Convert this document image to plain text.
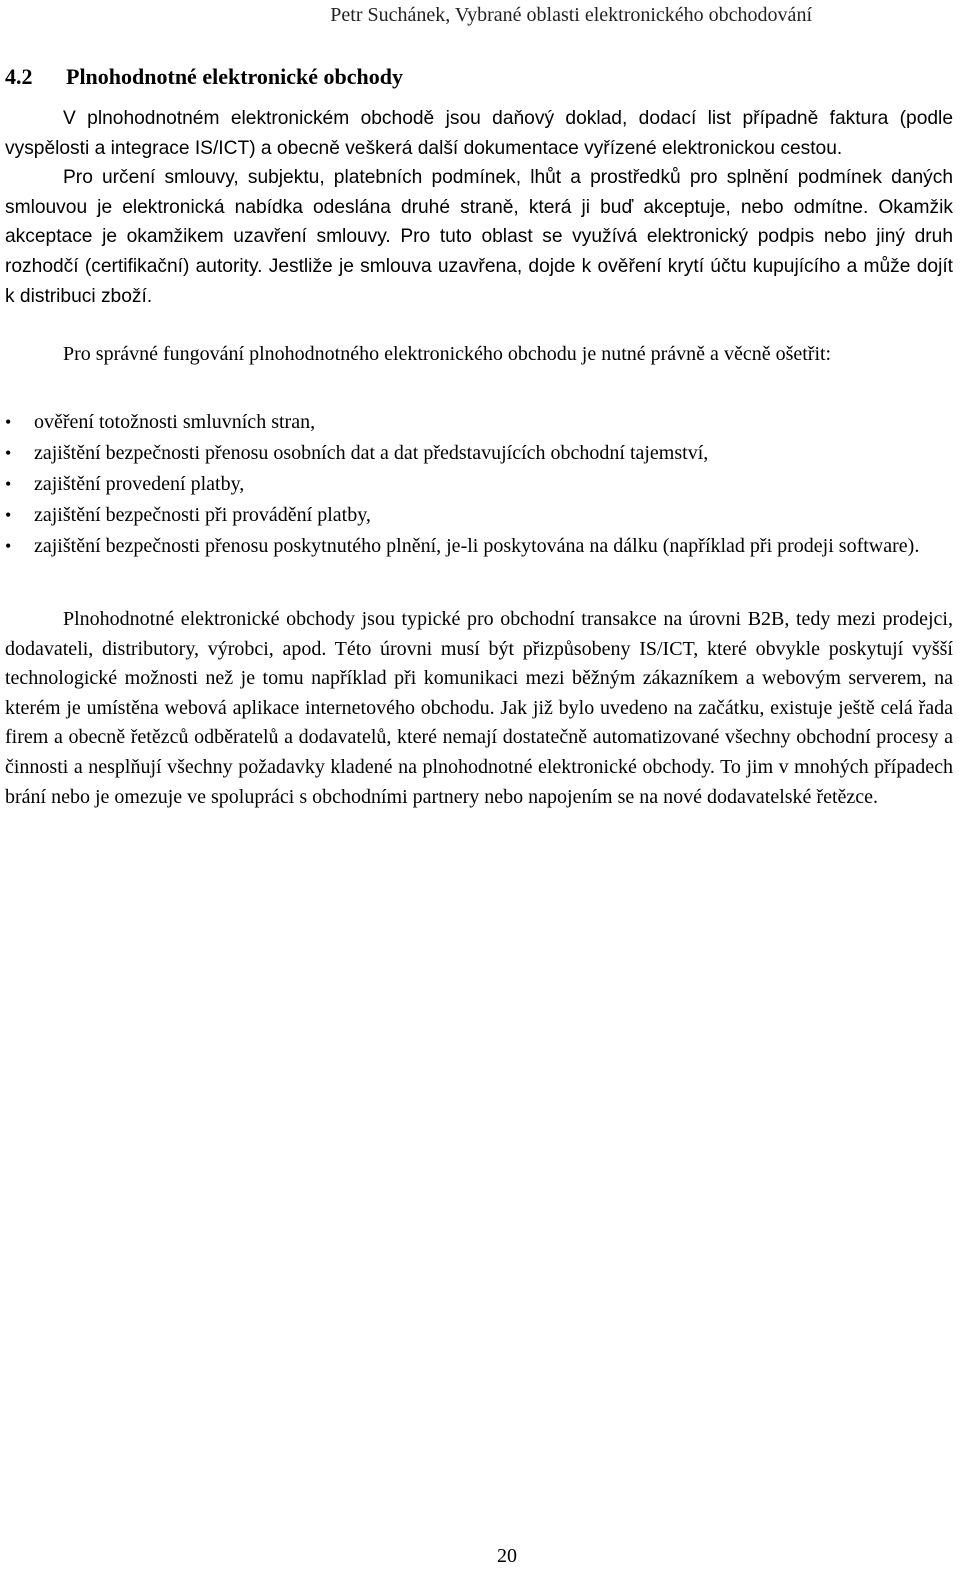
Petr Suchánek, Vybrané oblasti elektronického obchodování
4.2 Plnohodnotné elektronické obchody

V plnohodnotném elektronickém obchodě jsou daňový doklad, dodací list případně faktura (podle vyspělosti a integrace IS/ICT) a obecně veškerá další dokumentace vyřízené elektronickou cestou.

Pro určení smlouvy, subjektu, platebních podmínek, lhůt a prostředků pro splnění podmínek daných smlouvou je elektronická nabídka odeslána druhé straně, která ji buď akceptuje, nebo odmítne. Okamžik akceptace je okamžikem uzavření smlouvy. Pro tuto oblast se využívá elektronický podpis nebo jiný druh rozhodčí (certifikační) autority. Jestliže je smlouva uzavřena, dojde k ověření krytí účtu kupujícího a může dojít k distribuci zboží.

Pro správné fungování plnohodnotného elektronického obchodu je nutné právně a věcně ošetřit:

•	ověření totožnosti smluvních stran,
•	zajištění bezpečnosti přenosu osobních dat a dat představujících obchodní tajemství,
•	zajištění provedení platby,
•	zajištění bezpečnosti při provádění platby,
•	zajištění bezpečnosti přenosu poskytnutého plnění, je-li poskytována na dálku (například při prodeji software).

Plnohodnotné elektronické obchody jsou typické pro obchodní transakce na úrovni B2B, tedy mezi prodejci, dodavateli, distributory, výrobci, apod. Této úrovni musí být přizpůsobeny IS/ICT, které obvykle poskytují vyšší technologické možnosti než je tomu například při komunikaci mezi běžným zákazníkem a webovým serverem, na kterém je umístěna webová aplikace internetového obchodu. Jak již bylo uvedeno na začátku, existuje ještě celá řada firem a obecně řetězců odběratelů a dodavatelů, které nemají dostatečně automatizované všechny obchodní procesy a činnosti a nesplňují všechny požadavky kladené na plnohodnotné elektronické obchody. To jim v mnohých případech brání nebo je omezuje ve spolupráci s obchodními partnery nebo napojením se na nové dodavatelské řetězce.

20
